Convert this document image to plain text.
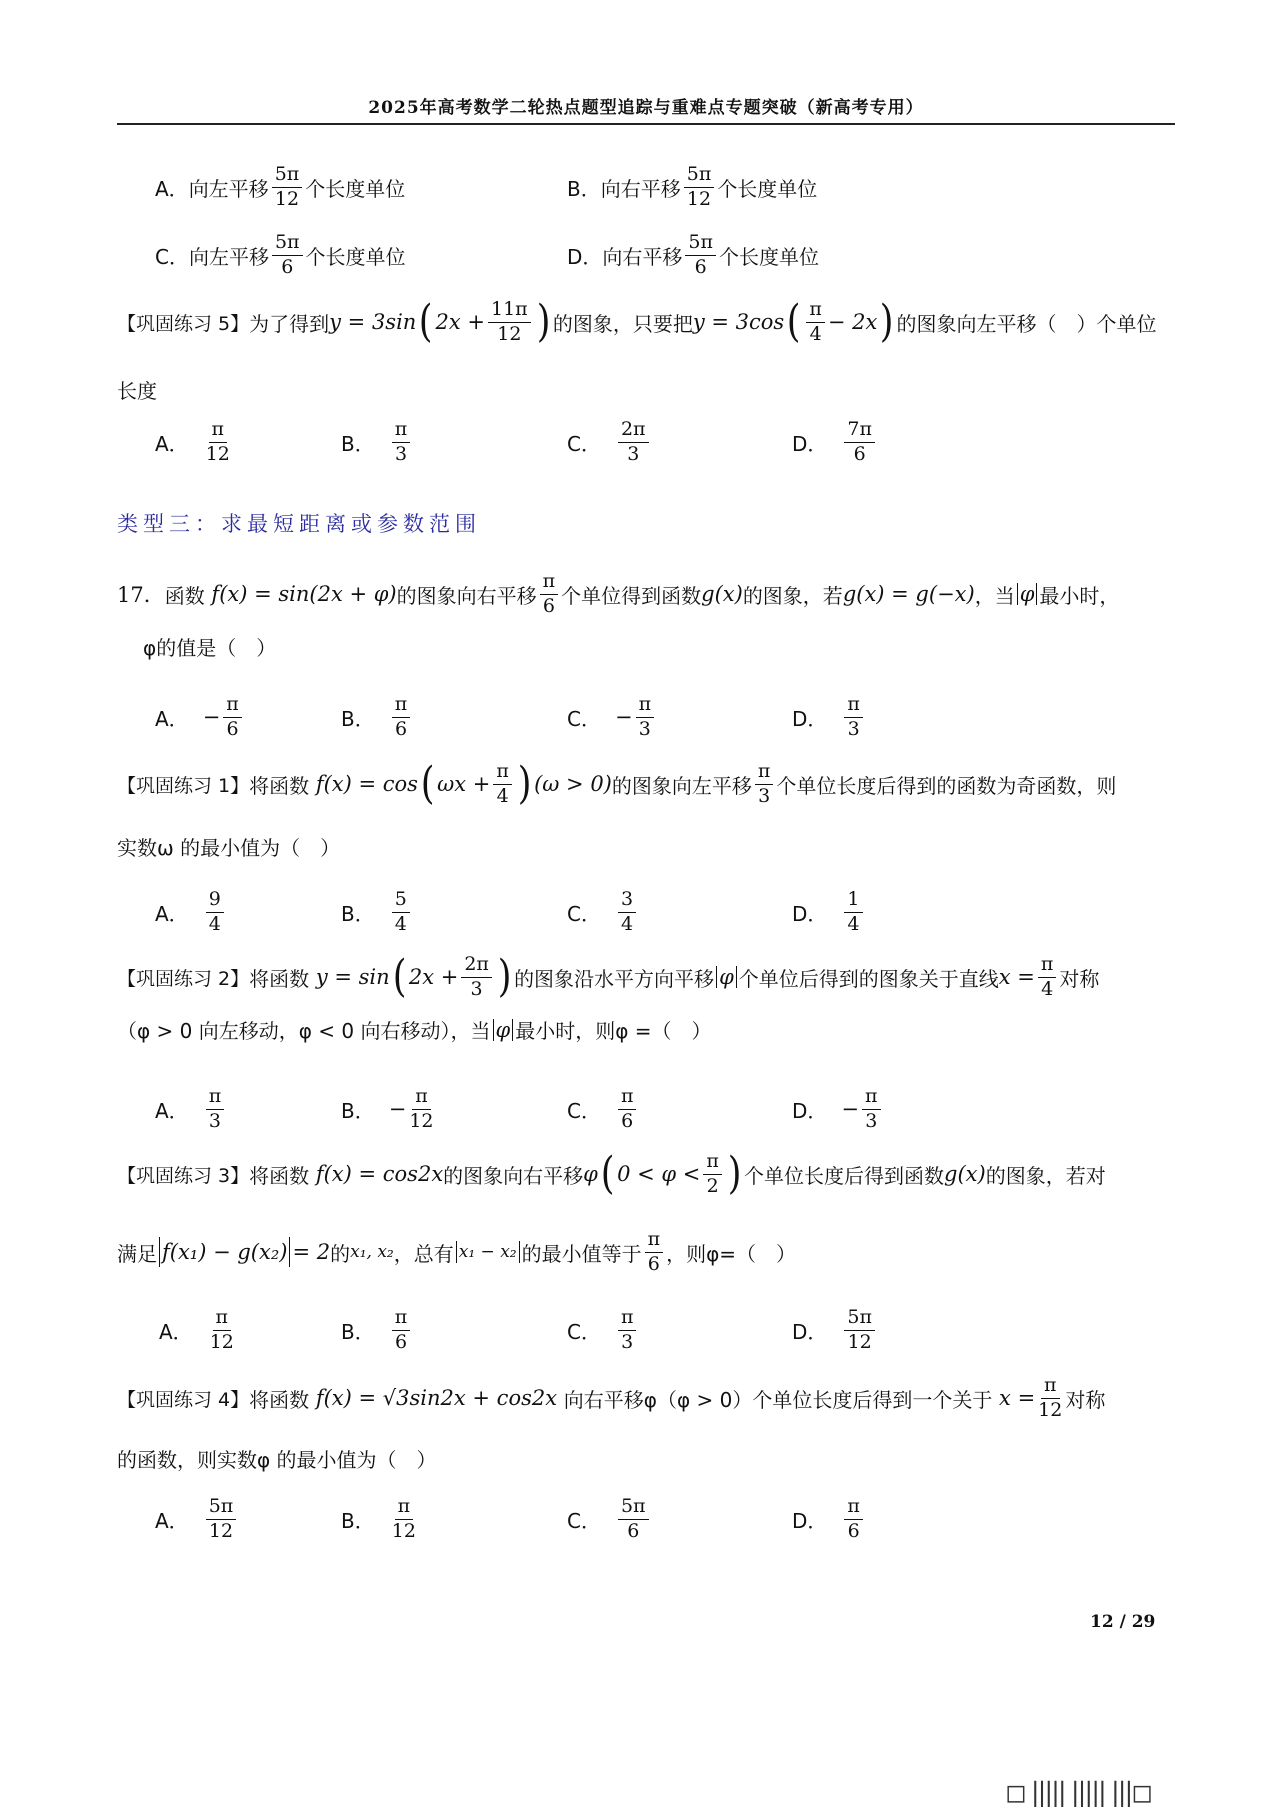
2025年高考数学二轮热点题型追踪与重难点专题突破（新高考专用）
A． 向左平移 $\frac{5\pi}{12}$ 个长度单位	B． 向右平移 $\frac{5\pi}{12}$ 个长度单位
C． 向左平移 $\frac{5\pi}{6}$ 个长度单位	D． 向右平移 $\frac{5\pi}{6}$ 个长度单位
【巩固练习 5】 为了得到 y = 3sin ( $2x + \frac{11\pi}{12}$ ) 的图象，只要把 y = 3cos ( $\frac{\pi}{4} - 2x$ ) 的图象向左平移（　）个单位
长度
A． $\frac{\pi}{12}$	B． $\frac{\pi}{3}$	C． $\frac{2\pi}{3}$	D． $\frac{7\pi}{6}$
类型三：求最短距离或参数范围
17． 函数
f(x) = sin(2x + φ) 的图象向右平移 $\frac{\pi}{6}$ 个单位得到函数 g(x) 的图象，若 g(x) = g(−x) ，当 φ 最小时，
φ的值是（　）
A． − $\frac{\pi}{6}$	B． $\frac{\pi}{6}$	C． − $\frac{\pi}{3}$	D． $\frac{\pi}{3}$
【巩固练习 1】 将函数
f(x) = cos ( $\omega x + \frac{\pi}{4}$ ) (ω > 0) 的图象向左平移 $\frac{\pi}{3}$ 个单位长度后得到的函数为奇函数，则
实数ω 的最小值为（　）
A． $\frac{9}{4}$	B． $\frac{5}{4}$	C． $\frac{3}{4}$	D． $\frac{1}{4}$
【巩固练习 2】 将函数
y = sin ( $2x + \frac{2\pi}{3}$ ) 的图象沿水平方向平移 φ 个单位后得到的图象关于直线 $x = \frac{\pi}{4}$ 对称
（φ > 0 向左移动，φ < 0 向右移动），当 φ 最小时，则φ =（　）
A． $\frac{\pi}{3}$	B． − $\frac{\pi}{12}$	C． $\frac{\pi}{6}$	D． − $\frac{\pi}{3}$
【巩固练习 3】 将函数
f(x) = cos2x 的图象向右平移 φ ( $0 < \varphi < \frac{\pi}{2}$ ) 个单位长度后得到函数 g(x) 的图象，若对
满足 f(x₁) − g(x₂) = 2 的 x₁, x₂ ，总有 x₁ − x₂ 的最小值等于 $\frac{\pi}{6}$ ，则φ=（　）
A． $\frac{\pi}{12}$	B． $\frac{\pi}{6}$	C． $\frac{\pi}{3}$	D． $\frac{5\pi}{12}$
【巩固练习 4】 将函数
f(x) = √3sin2x + cos2x
向右平移φ（φ > 0）个单位长度后得到一个关于
$x = \frac{\pi}{12}$ 对称
的函数，则实数φ 的最小值为（　）
A． $\frac{5\pi}{12}$	B． $\frac{\pi}{12}$	C． $\frac{5\pi}{6}$	D． $\frac{\pi}{6}$
12 / 29
◻ ||||| ||||| |||◻
